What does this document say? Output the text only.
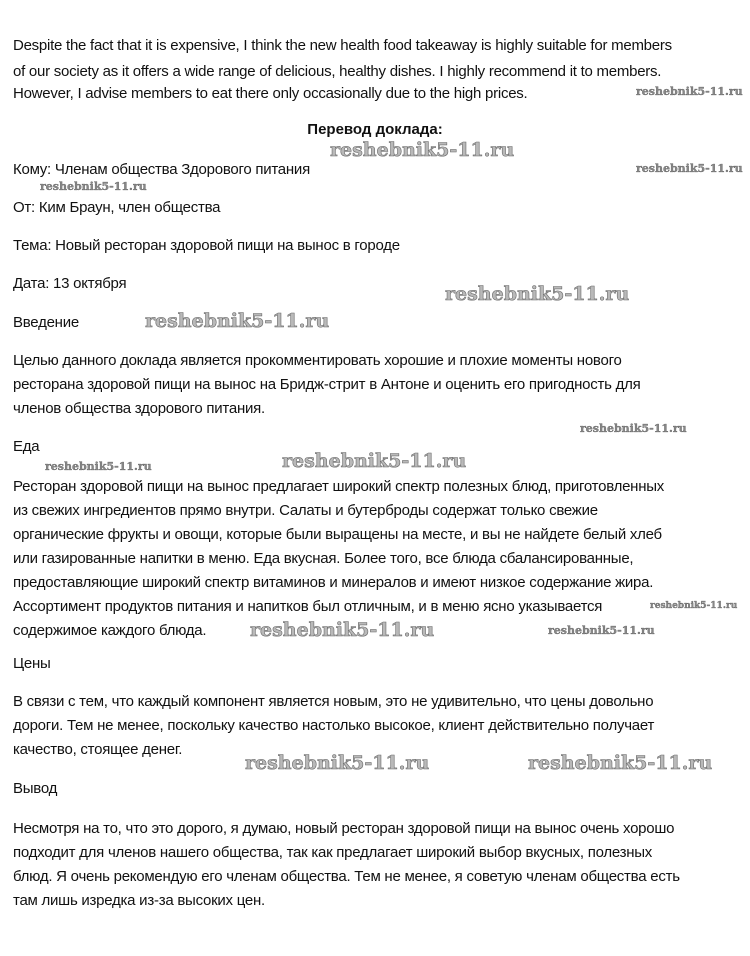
Despite the fact that it is expensive, I think the new health food takeaway is highly suitable for members
of our society as it offers a wide range of delicious, healthy dishes. I highly recommend it to members.
However, I advise members to eat there only occasionally due to the high prices.
Перевод доклада:
Кому: Членам общества Здорового питания
От: Ким Браун, член общества
Тема: Новый ресторан здоровой пищи на вынос в городе
Дата: 13 октября
Введение
Целью данного доклада является прокомментировать хорошие и плохие моменты нового
ресторана здоровой пищи на вынос на Бридж-стрит в Антоне и оценить его пригодность для
членов общества здорового питания.
Еда
Ресторан здоровой пищи на вынос предлагает широкий спектр полезных блюд, приготовленных
из свежих ингредиентов прямо внутри. Салаты и бутерброды содержат только свежие
органические фрукты и овощи, которые были выращены на месте, и вы не найдете белый хлеб
или газированные напитки в меню. Еда вкусная. Более того, все блюда сбалансированные,
предоставляющие широкий спектр витаминов и минералов и имеют низкое содержание жира.
Ассортимент продуктов питания и напитков был отличным, и в меню ясно указывается
содержимое каждого блюда.
Цены
В связи с тем, что каждый компонент является новым, это не удивительно, что цены довольно
дороги. Тем не менее, поскольку качество настолько высокое, клиент действительно получает
качество, стоящее денег.
Вывод
Несмотря на то, что это дорого, я думаю, новый ресторан здоровой пищи на вынос очень хорошо
подходит для членов нашего общества, так как предлагает широкий выбор вкусных, полезных
блюд. Я очень рекомендую его членам общества. Тем не менее, я советую членам общества есть
там лишь изредка из-за высоких цен.
reshebnik5-11.ru
reshebnik5-11.ru
reshebnik5-11.ru
reshebnik5-11.ru
reshebnik5-11.ru
reshebnik5-11.ru
reshebnik5-11.ru
reshebnik5-11.ru
reshebnik5-11.ru
reshebnik5-11.ru
reshebnik5-11.ru	reshebnik5-11.ru
reshebnik5-11.ru	reshebnik5-11.ru
